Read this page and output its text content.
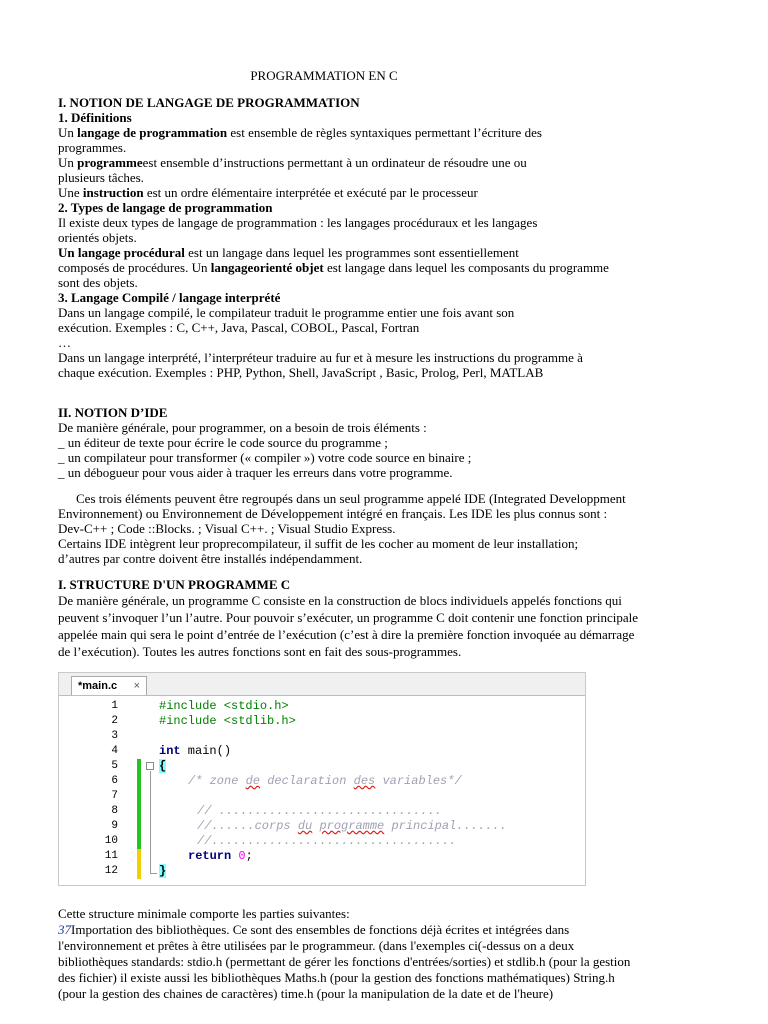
PROGRAMMATION EN C
I. NOTION DE LANGAGE DE PROGRAMMATION
1. Définitions
Un langage de programmation est ensemble de règles syntaxiques permettant l’écriture des
programmes.
Un programmeest ensemble d’instructions permettant à un ordinateur de résoudre une ou
plusieurs tâches.
Une instruction est un ordre élémentaire interprétée et exécuté par le processeur
2. Types de langage de programmation
Il existe deux types de langage de programmation : les langages procéduraux et les langages
orientés objets.
Un langage procédural est un langage dans lequel les programmes sont essentiellement
composés de procédures. Un langageorienté objet est langage dans lequel les composants du programme
sont des objets.
3. Langage Compilé / langage interprété
Dans un langage compilé, le compilateur traduit le programme entier une fois avant son
exécution. Exemples : C, C++, Java, Pascal, COBOL, Pascal, Fortran
…
Dans un langage interprété, l’interpréteur traduire au fur et à mesure les instructions du programme à
chaque exécution. Exemples : PHP, Python, Shell, JavaScript , Basic, Prolog, Perl, MATLAB
II. NOTION D’IDE
De manière générale, pour programmer, on a besoin de trois éléments :
_ un éditeur de texte pour écrire le code source du programme ;
_ un compilateur pour transformer (« compiler ») votre code source en binaire ;
_ un débogueur pour vous aider à traquer les erreurs dans votre programme.
Ces trois éléments peuvent être regroupés dans un seul programme appelé IDE (Integrated Developpment
Environnement) ou Environnement de Développement intégré en français. Les IDE les plus connus sont :
Dev-C++ ; Code ::Blocks. ; Visual C++. ; Visual Studio Express.
Certains IDE intègrent leur proprecompilateur, il suffit de les cocher au moment de leur installation;
d’autres par contre doivent être installés indépendamment.
I. STRUCTURE D'UN PROGRAMME C
De manière générale, un programme C consiste en la construction de blocs individuels appelés fonctions qui
peuvent s’invoquer l’un l’autre. Pour pouvoir s’exécuter, un programme C doit contenir une fonction principale
appelée main qui sera le point d’entrée de l’exécution (c’est à dire la première fonction invoquée au démarrage
de l’exécution). Toutes les autres fonctions sont en fait des sous-programmes.
*main.c ×
1
2
3
4
5
6
7
8
9
10
11
12
#include <stdio.h>
#include <stdlib.h>
int main()
{
/* zone de declaration des variables*/
// ...............................
//......corps du programme principal.......
//..................................
return 0;
}
Cette structure minimale comporte les parties suivantes:
37Importation des bibliothèques. Ce sont des ensembles de fonctions déjà écrites et intégrées dans
l'environnement et prêtes à être utilisées par le programmeur. (dans l'exemples ci(-dessus on a deux
bibliothèques standards: stdio.h (permettant de gérer les fonctions d'entrées/sorties) et stdlib.h (pour la gestion
des fichier) il existe aussi les bibliothèques Maths.h (pour la gestion des fonctions mathématiques) String.h
(pour la gestion des chaines de caractères) time.h (pour la manipulation de la date et de l'heure)
